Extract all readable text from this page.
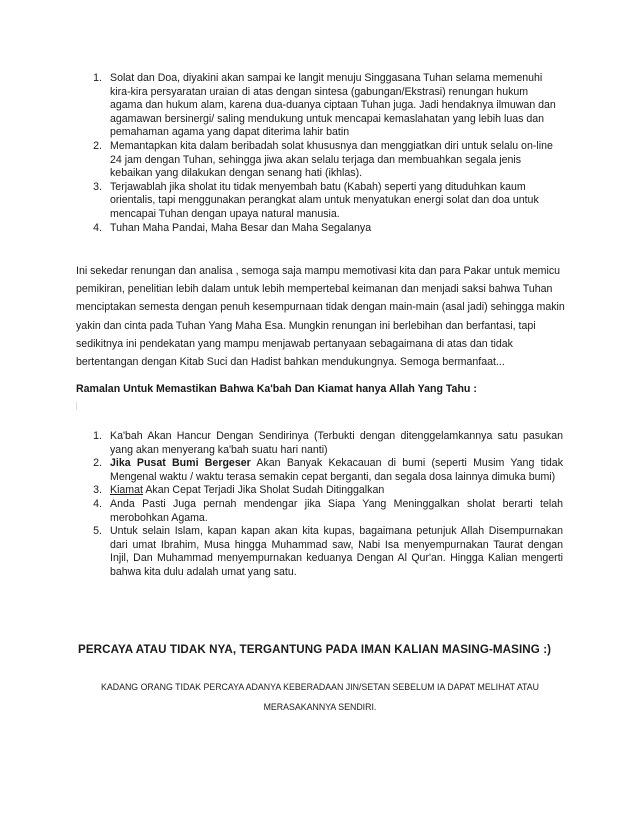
1. Solat dan Doa, diyakini akan sampai ke langit menuju Singgasana Tuhan selama memenuhi kira-kira persyaratan uraian di atas dengan sintesa (gabungan/Ekstrasi) renungan hukum agama dan hukum alam, karena dua-duanya ciptaan Tuhan juga. Jadi hendaknya ilmuwan dan agamawan bersinergi/ saling mendukung untuk mencapai kemaslahatan yang lebih luas dan pemahaman agama yang dapat diterima lahir batin
2. Memantapkan kita dalam beribadah solat khususnya dan menggiatkan diri untuk selalu on-line 24 jam dengan Tuhan, sehingga jiwa akan selalu terjaga dan membuahkan segala jenis kebaikan yang dilakukan dengan senang hati (ikhlas).
3. Terjawablah jika sholat itu tidak menyembah batu (Kabah) seperti yang dituduhkan kaum orientalis, tapi menggunakan perangkat alam untuk menyatukan energi solat dan doa untuk mencapai Tuhan dengan upaya natural manusia.
4. Tuhan Maha Pandai, Maha Besar dan Maha Segalanya

Ini sekedar renungan dan analisa , semoga saja mampu memotivasi kita dan para Pakar untuk memicu pemikiran, penelitian lebih dalam untuk lebih mempertebal keimanan dan menjadi saksi bahwa Tuhan menciptakan semesta dengan penuh kesempurnaan tidak dengan main-main (asal jadi) sehingga makin yakin dan cinta pada Tuhan Yang Maha Esa. Mungkin renungan ini berlebihan dan berfantasi, tapi sedikitnya ini pendekatan yang mampu menjawab pertanyaan sebagaimana di atas dan tidak bertentangan dengan Kitab Suci dan Hadist bahkan mendukungnya. Semoga bermanfaat...

Ramalan Untuk Memastikan Bahwa Ka'bah Dan Kiamat hanya Allah Yang Tahu :
1. Ka'bah Akan Hancur Dengan Sendirinya (Terbukti dengan ditenggelamkannya satu pasukan yang akan menyerang ka'bah suatu hari nanti)
2. Jika Pusat Bumi Bergeser Akan Banyak Kekacauan di bumi (seperti Musim Yang tidak Mengenal waktu / waktu terasa semakin cepat berganti, dan segala dosa lainnya dimuka bumi)
3. Kiamat Akan Cepat Terjadi Jika Sholat Sudah Ditinggalkan
4. Anda Pasti Juga pernah mendengar jika Siapa Yang Meninggalkan sholat berarti telah merobohkan Agama.
5. Untuk selain Islam, kapan kapan akan kita kupas, bagaimana petunjuk Allah Disempurnakan dari umat Ibrahim, Musa hingga Muhammad saw, Nabi Isa menyempurnakan Taurat dengan Injil, Dan Muhammad menyempurnakan keduanya Dengan Al Qur'an. Hingga Kalian mengerti bahwa kita dulu adalah umat yang satu.
PERCAYA ATAU TIDAK NYA, TERGANTUNG PADA IMAN KALIAN MASING-MASING :)
KADANG ORANG TIDAK PERCAYA ADANYA KEBERADAAN JIN/SETAN SEBELUM IA DAPAT MELIHAT ATAU MERASAKANNYA SENDIRI.
